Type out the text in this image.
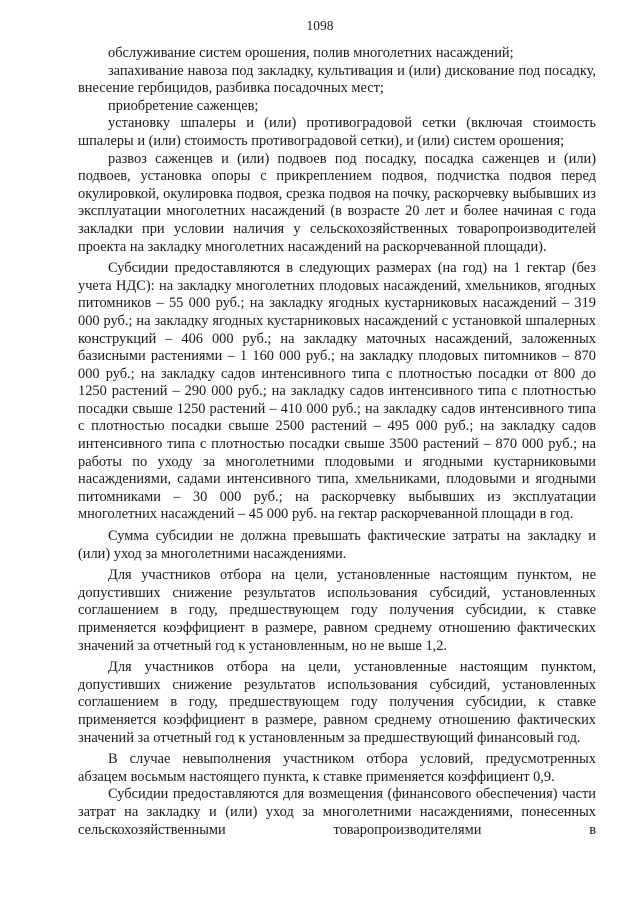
1098

обслуживание систем орошения, полив многолетних насаждений;

запахивание навоза под закладку, культивация и (или) дискование под посадку, внесение гербицидов, разбивка посадочных мест;

приобретение саженцев;

установку шпалеры и (или) противоградовой сетки (включая стоимость шпалеры и (или) стоимость противоградовой сетки), и (или) систем орошения;

развоз саженцев и (или) подвоев под посадку, посадка саженцев и (или) подвоев, установка опоры с прикреплением подвоя, подчистка подвоя перед окулировкой, окулировка подвоя, срезка подвоя на почку, раскорчевку выбывших из эксплуатации многолетних насаждений (в возрасте 20 лет и более начиная с года закладки при условии наличия у сельскохозяйственных товаропроизводителей проекта на закладку многолетних насаждений на раскорчеванной площади).

Субсидии предоставляются в следующих размерах (на год) на 1 гектар (без учета НДС): на закладку многолетних плодовых насаждений, хмельников, ягодных питомников – 55 000 руб.; на закладку ягодных кустарниковых насаждений – 319 000 руб.; на закладку ягодных кустарниковых насаждений с установкой шпалерных конструкций – 406 000 руб.; на закладку маточных насаждений, заложенных базисными растениями – 1 160 000 руб.; на закладку плодовых питомников – 870 000 руб.; на закладку садов интенсивного типа с плотностью посадки от 800 до 1250 растений – 290 000 руб.; на закладку садов интенсивного типа с плотностью посадки свыше 1250 растений – 410 000 руб.; на закладку садов интенсивного типа с плотностью посадки свыше 2500 растений – 495 000 руб.; на закладку садов интенсивного типа с плотностью посадки свыше 3500 растений – 870 000 руб.; на работы по уходу за многолетними плодовыми и ягодными кустарниковыми насаждениями, садами интенсивного типа, хмельниками, плодовыми и ягодными питомниками – 30 000 руб.; на раскорчевку выбывших из эксплуатации многолетних насаждений – 45 000 руб. на гектар раскорчеванной площади в год.

Сумма субсидии не должна превышать фактические затраты на закладку и (или) уход за многолетними насаждениями.

Для участников отбора на цели, установленные настоящим пунктом, не допустивших снижение результатов использования субсидий, установленных соглашением в году, предшествующем году получения субсидии, к ставке применяется коэффициент в размере, равном среднему отношению фактических значений за отчетный год к установленным, но не выше 1,2.

Для участников отбора на цели, установленные настоящим пунктом, допустивших снижение результатов использования субсидий, установленных соглашением в году, предшествующем году получения субсидии, к ставке применяется коэффициент в размере, равном среднему отношению фактических значений за отчетный год к установленным за предшествующий финансовый год.

В случае невыполнения участником отбора условий, предусмотренных абзацем восьмым настоящего пункта, к ставке применяется коэффициент 0,9.

Субсидии предоставляются для возмещения (финансового обеспечения) части затрат на закладку и (или) уход за многолетними насаждениями, понесенных сельскохозяйственными товаропроизводителями в
